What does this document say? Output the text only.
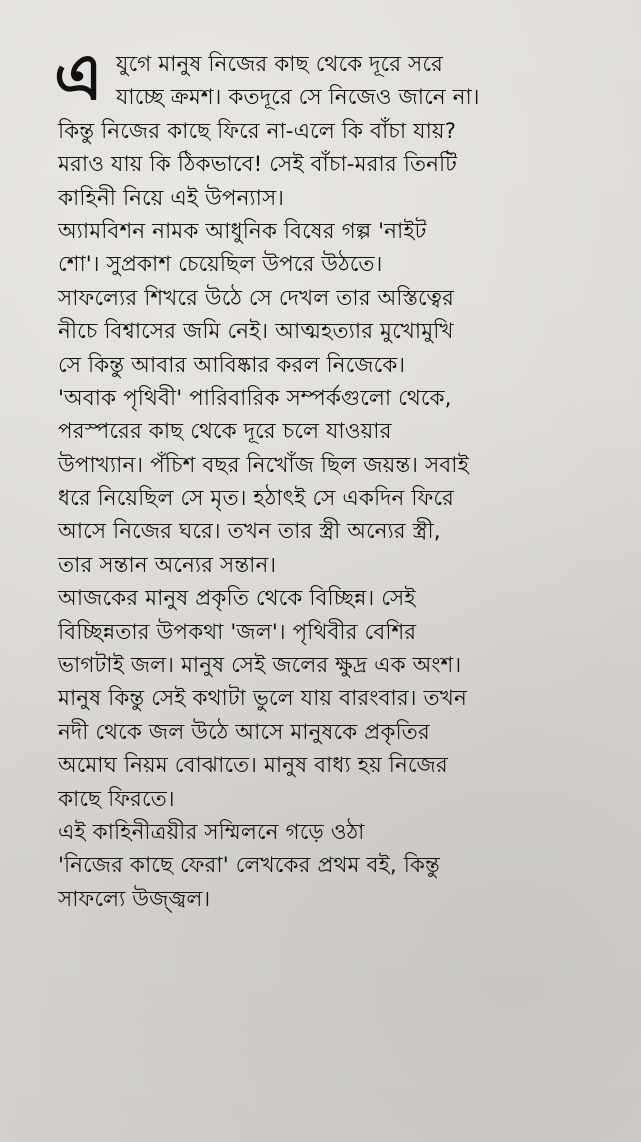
এ যুগে মানুষ নিজের কাছ থেকে দূরে সরে
যাচ্ছে ক্রমশ। কতদূরে সে নিজেও জানে না।
কিন্তু নিজের কাছে ফিরে না-এলে কি বাঁচা যায়?
মরাও যায় কি ঠিকভাবে! সেই বাঁচা-মরার তিনটি
কাহিনী নিয়ে এই উপন্যাস।
অ্যামবিশন নামক আধুনিক বিষের গল্প 'নাইট
শো'। সুপ্রকাশ চেয়েছিল উপরে উঠতে।
সাফল্যের শিখরে উঠে সে দেখল তার অস্তিত্বের
নীচে বিশ্বাসের জমি নেই। আত্মহত্যার মুখোমুখি
সে কিন্তু আবার আবিষ্কার করল নিজেকে।
'অবাক পৃথিবী' পারিবারিক সম্পর্কগুলো থেকে,
পরস্পরের কাছ থেকে দূরে চলে যাওয়ার
উপাখ্যান। পঁচিশ বছর নিখোঁজ ছিল জয়ন্ত। সবাই
ধরে নিয়েছিল সে মৃত। হঠাৎই সে একদিন ফিরে
আসে নিজের ঘরে। তখন তার স্ত্রী অন্যের স্ত্রী,
তার সন্তান অন্যের সন্তান।
আজকের মানুষ প্রকৃতি থেকে বিচ্ছিন্ন। সেই
বিচ্ছিন্নতার উপকথা 'জল'। পৃথিবীর বেশির
ভাগটাই জল। মানুষ সেই জলের ক্ষুদ্র এক অংশ।
মানুষ কিন্তু সেই কথাটা ভুলে যায় বারংবার। তখন
নদী থেকে জল উঠে আসে মানুষকে প্রকৃতির
অমোঘ নিয়ম বোঝাতে। মানুষ বাধ্য হয় নিজের
কাছে ফিরতে।
এই কাহিনীত্রয়ীর সম্মিলনে গড়ে ওঠা
'নিজের কাছে ফেরা' লেখকের প্রথম বই, কিন্তু
সাফল্যে উজ্জ্বল।
